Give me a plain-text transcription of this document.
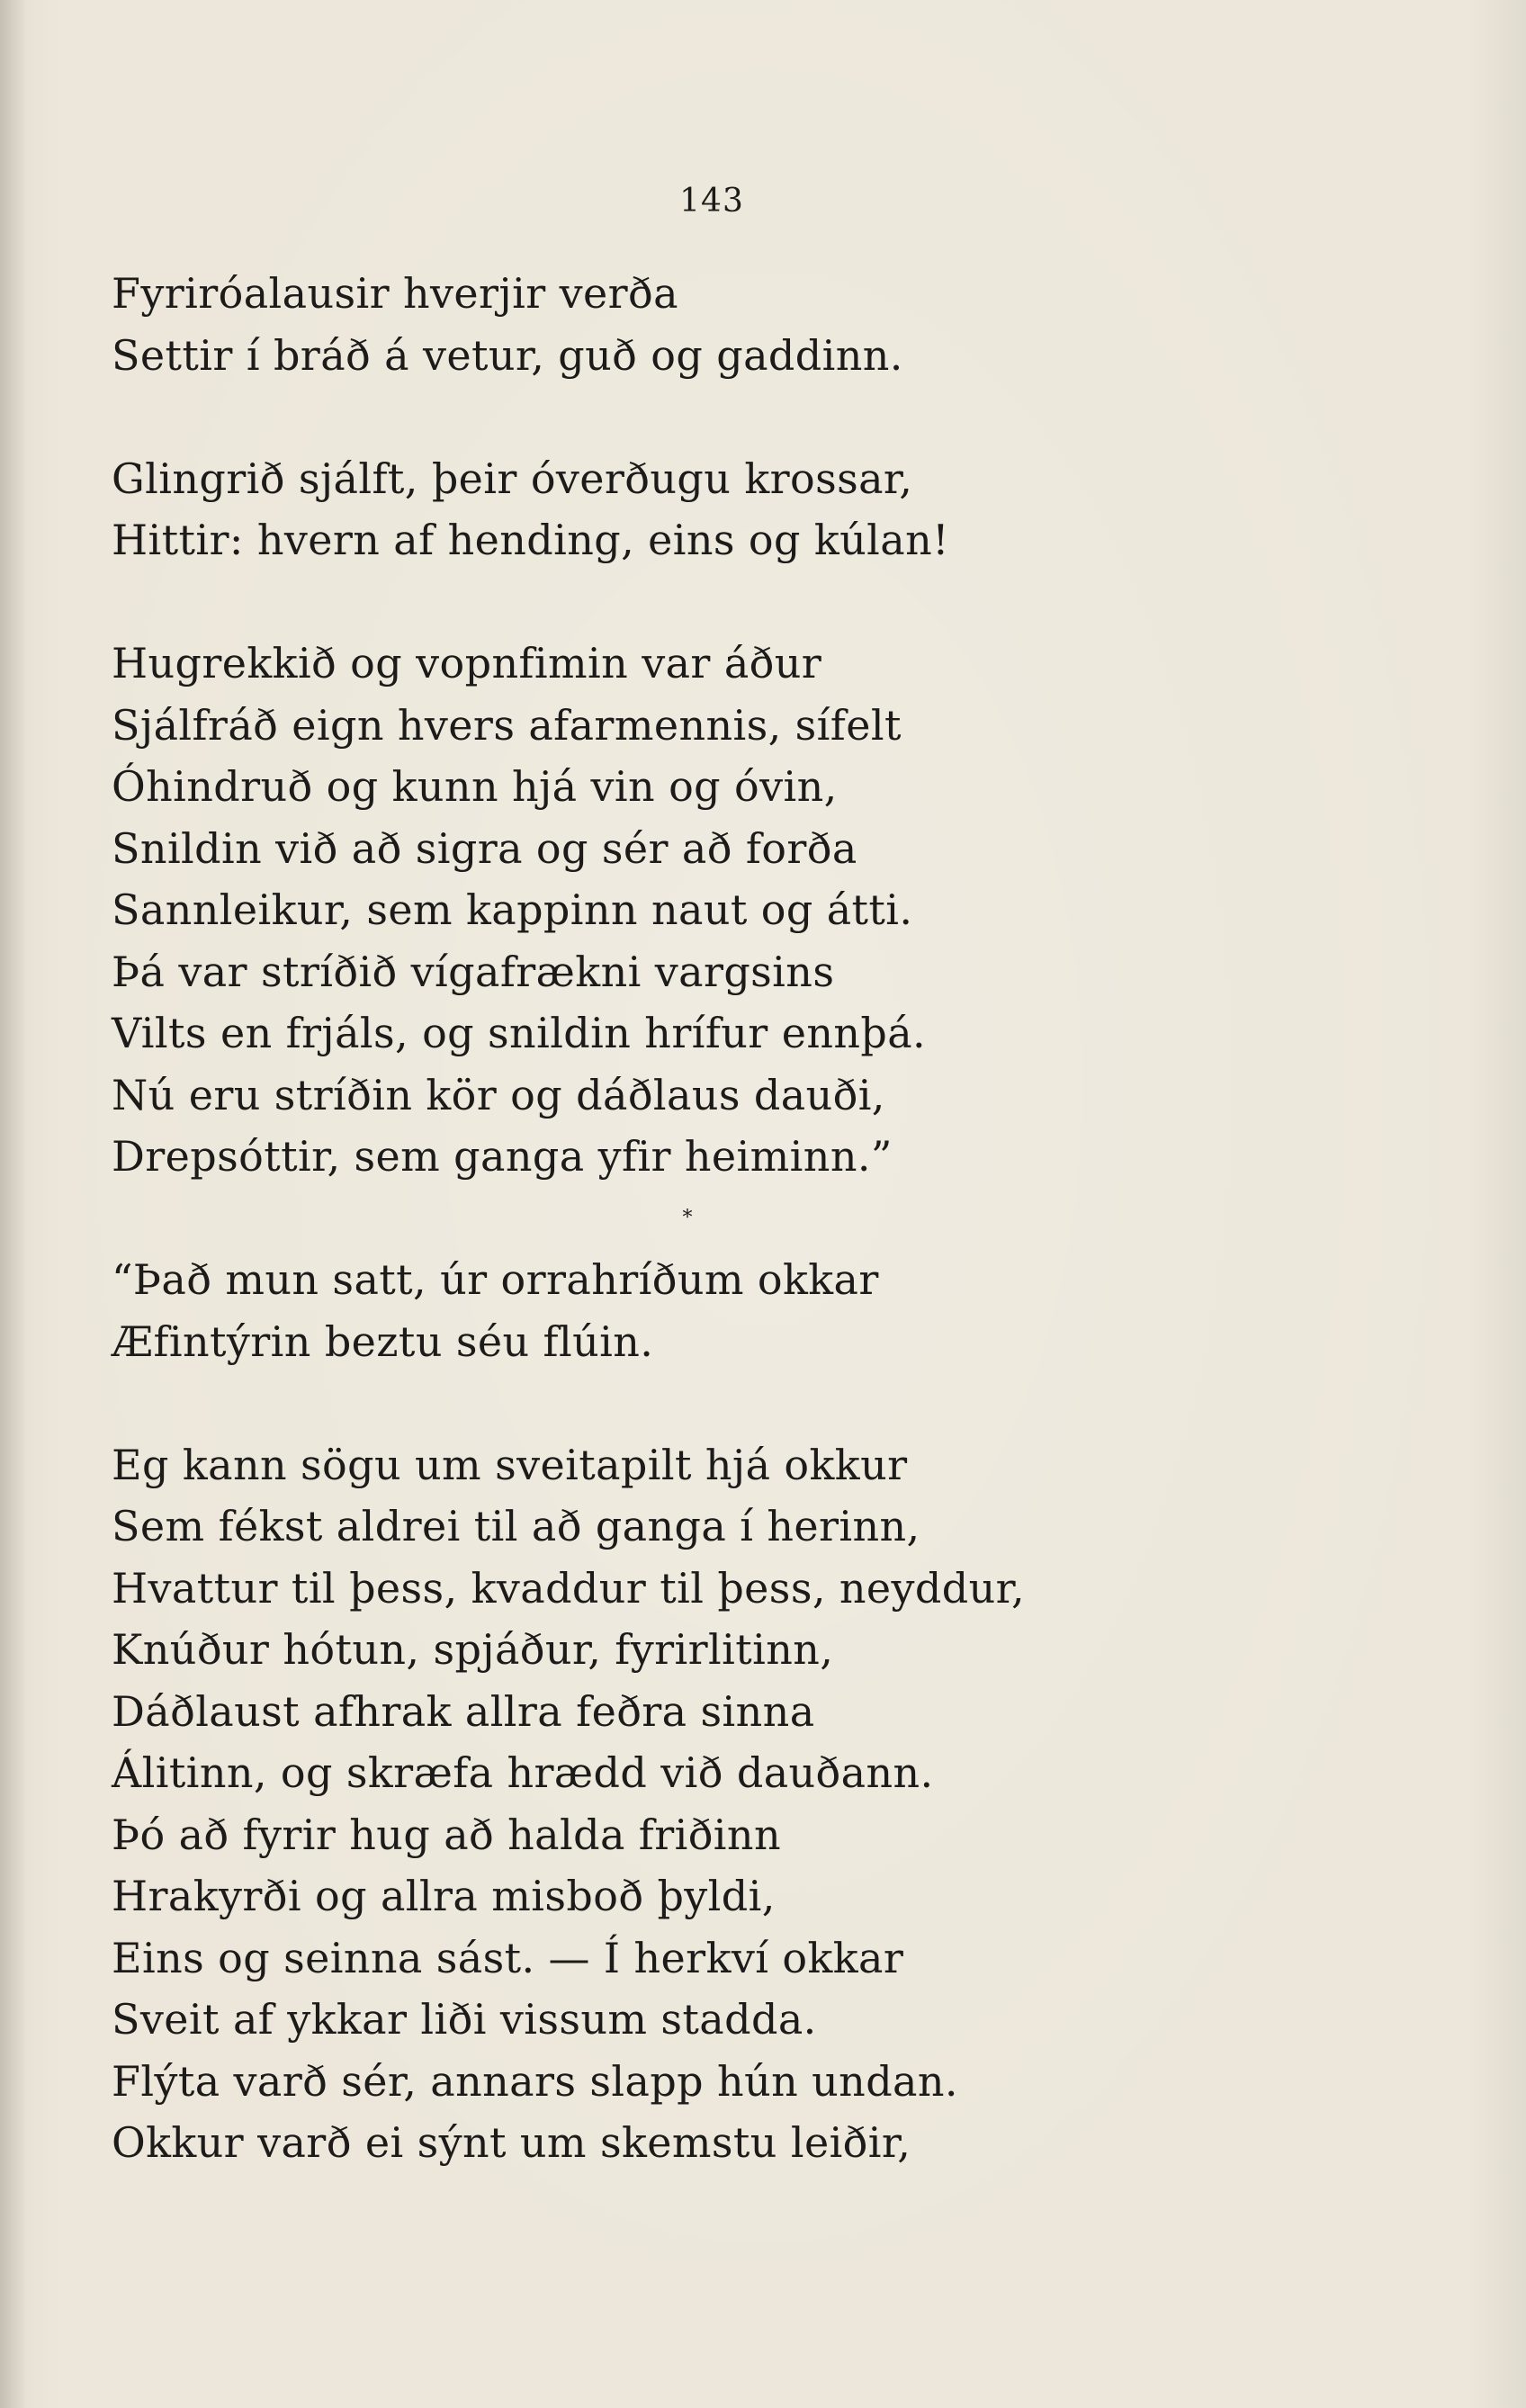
143
Fyriróalausir hverjir verða
Settir í bráð á vetur, guð og gaddinn.
Glingrið sjálft, þeir óverðugu krossar,
Hittir: hvern af hending, eins og kúlan!
Hugrekkið og vopnfimin var áður
Sjálfráð eign hvers afarmennis, sífelt
Óhindruð og kunn hjá vin og óvin,
Snildin við að sigra og sér að forða
Sannleikur, sem kappinn naut og átti.
Þá var stríðið vígafrækni vargsins
Vilts en frjáls, og snildin hrífur ennþá.
Nú eru stríðin kör og dáðlaus dauði,
Drepsóttir, sem ganga yfir heiminn.”
*
“Það mun satt, úr orrahríðum okkar
Æfintýrin beztu séu flúin.
Eg kann sögu um sveitapilt hjá okkur
Sem fékst aldrei til að ganga í herinn,
Hvattur til þess, kvaddur til þess, neyddur,
Knúður hótun, spjáður, fyrirlitinn,
Dáðlaust afhrak allra feðra sinna
Álitinn, og skræfa hrædd við dauðann.
Þó að fyrir hug að halda friðinn
Hrakyrði og allra misboð þyldi,
Eins og seinna sást. — Í herkví okkar
Sveit af ykkar liði vissum stadda.
Flýta varð sér, annars slapp hún undan.
Okkur varð ei sýnt um skemstu leiðir,
